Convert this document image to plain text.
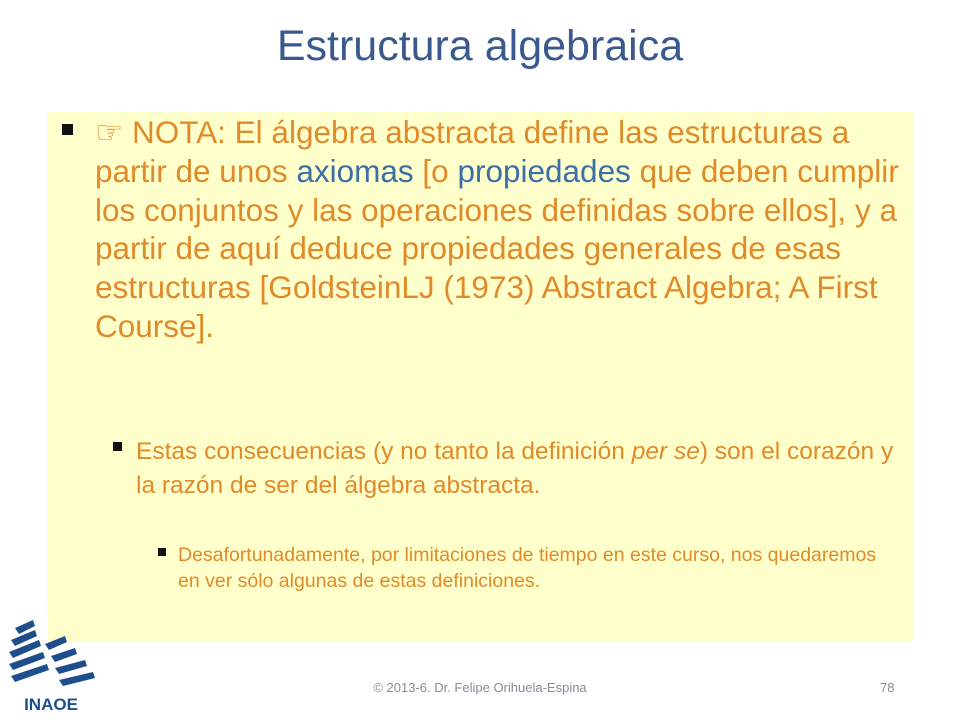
Estructura algebraica
☞ NOTA: El álgebra abstracta define las estructuras a partir de unos axiomas [o propiedades que deben cumplir los conjuntos y las operaciones definidas sobre ellos], y a partir de aquí deduce propiedades generales de esas estructuras [GoldsteinLJ (1973) Abstract Algebra; A First Course].
Estas consecuencias (y no tanto la definición per se) son el corazón y la razón de ser del álgebra abstracta.
Desafortunadamente, por limitaciones de tiempo en este curso, nos quedaremos en ver sólo algunas de estas definiciones.
© 2013-6. Dr. Felipe Orihuela-Espina	78
INAOE
